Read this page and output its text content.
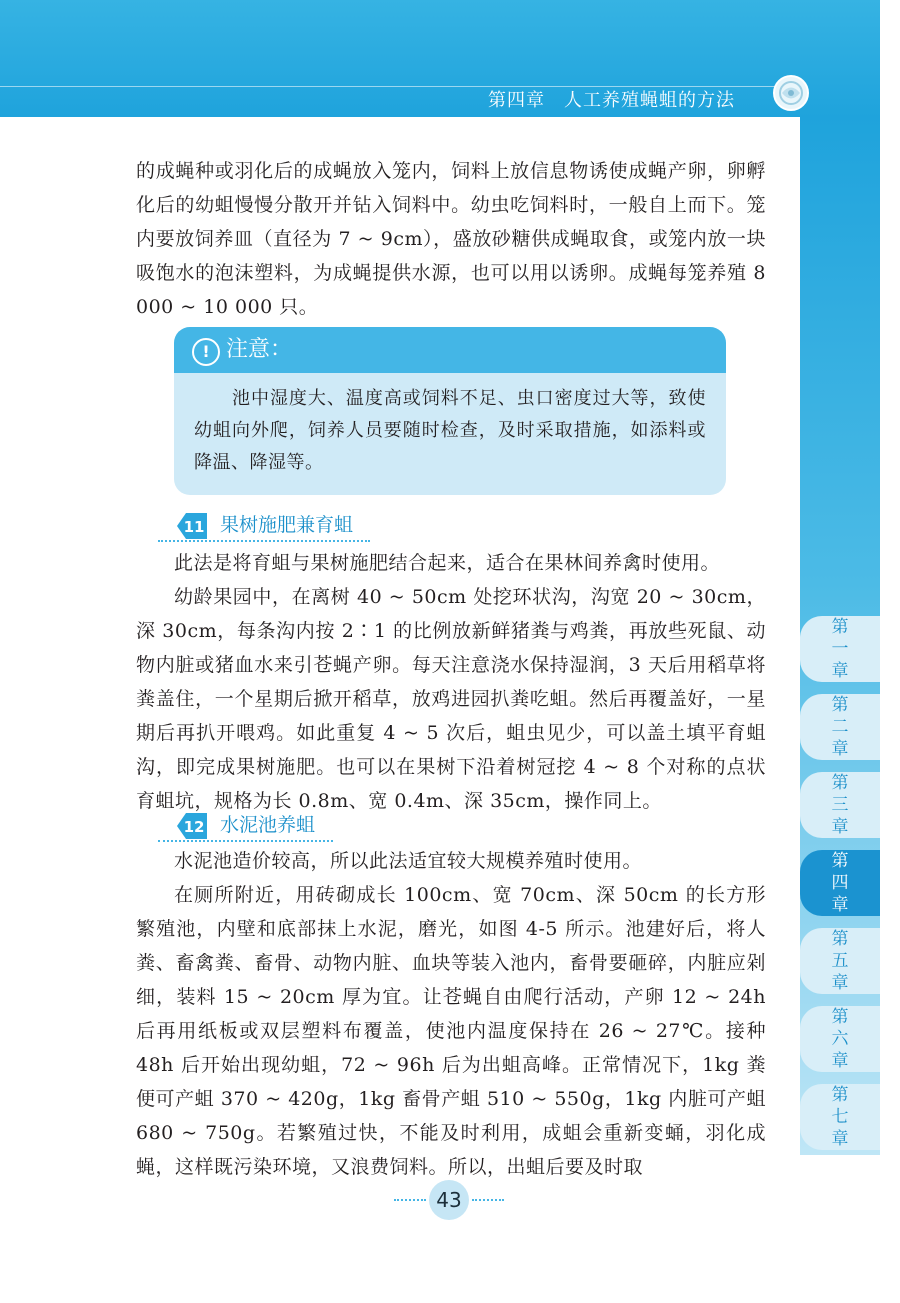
第四章　人工养殖蝇蛆的方法
的成蝇种或羽化后的成蝇放入笼内，饲料上放信息物诱使成蝇产卵，卵孵化后的幼蛆慢慢分散开并钻入饲料中。幼虫吃饲料时，一般自上而下。笼内要放饲养皿（直径为 7 ~ 9cm），盛放砂糖供成蝇取食，或笼内放一块吸饱水的泡沫塑料，为成蝇提供水源，也可以用以诱卵。成蝇每笼养殖 8 000 ~ 10 000 只。
! 注意：
池中湿度大、温度高或饲料不足、虫口密度过大等，致使幼蛆向外爬，饲养人员要随时检查，及时采取措施，如添料或降温、降湿等。
11 果树施肥兼育蛆
此法是将育蛆与果树施肥结合起来，适合在果林间养禽时使用。
幼龄果园中，在离树 40 ~ 50cm 处挖环状沟，沟宽 20 ~ 30cm，深 30cm，每条沟内按 2∶1 的比例放新鲜猪粪与鸡粪，再放些死鼠、动物内脏或猪血水来引苍蝇产卵。每天注意浇水保持湿润，3 天后用稻草将粪盖住，一个星期后掀开稻草，放鸡进园扒粪吃蛆。然后再覆盖好，一星期后再扒开喂鸡。如此重复 4 ~ 5 次后，蛆虫见少，可以盖土填平育蛆沟，即完成果树施肥。也可以在果树下沿着树冠挖 4 ~ 8 个对称的点状育蛆坑，规格为长 0.8m、宽 0.4m、深 35cm，操作同上。
12 水泥池养蛆
水泥池造价较高，所以此法适宜较大规模养殖时使用。
在厕所附近，用砖砌成长 100cm、宽 70cm、深 50cm 的长方形繁殖池，内壁和底部抹上水泥，磨光，如图 4-5 所示。池建好后，将人粪、畜禽粪、畜骨、动物内脏、血块等装入池内，畜骨要砸碎，内脏应剁细，装料 15 ~ 20cm 厚为宜。让苍蝇自由爬行活动，产卵 12 ~ 24h 后再用纸板或双层塑料布覆盖，使池内温度保持在 26 ~ 27℃。接种 48h 后开始出现幼蛆，72 ~ 96h 后为出蛆高峰。正常情况下，1kg 粪便可产蛆 370 ~ 420g，1kg 畜骨产蛆 510 ~ 550g，1kg 内脏可产蛆 680 ~ 750g。若繁殖过快，不能及时利用，成蛆会重新变蛹，羽化成蝇，这样既污染环境，又浪费饲料。所以，出蛆后要及时取
第一章
第二章
第三章
第四章
第五章
第六章
第七章
43
